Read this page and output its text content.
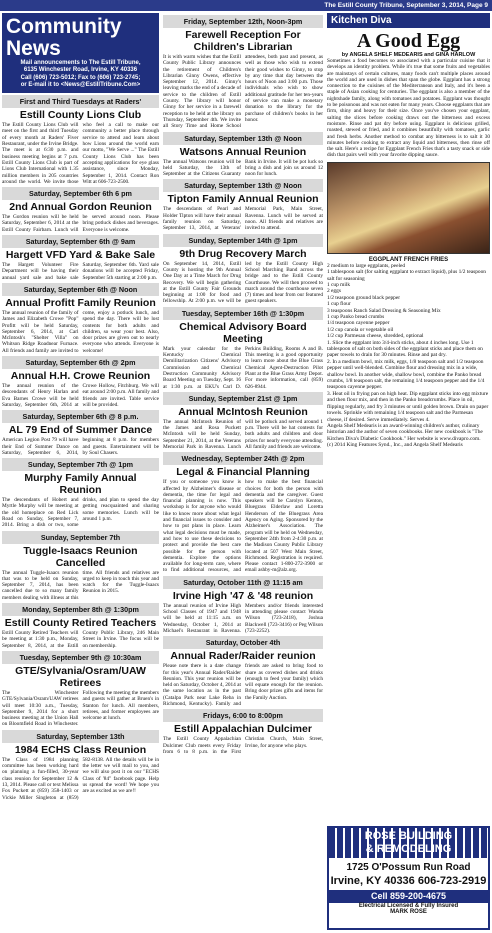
The Estill County Tribune, September 3, 2014, Page 9
Community News
Mail announcements to The Estill Tribune,
6135 Winchester Road, Irvine, KY 40336
Call (606) 723-5012; Fax to (606) 723-2745;
or E-mail it to <News@EstillTribune.Com>
First and Third Tuesdays at Raders'
Estill County Lions Club
The Estill County Lions Club will meet on the first and third Tuesday of every month at Raders' Fiver Restaurant, under the Irvine Bridge. The meet is at 6:30 p.m. and business meeting begins at 7 p.m. Estill County Lions Club is part of Lions Club International with 1.35 million members in 205 countries around the world. We invite those who feel a call to make our community a better place through service to attend and learn about how Lions around the world earn our motto, "We Serve ..." The Estill County Lions Club has been accepting applications for eye glass assistance, since Monday, September 1, 2014. Contact Ron Witt at 606-723-2500.
Saturday, September 6th 6 pm
2nd Annual Gordon Reunion
The Gordon reunion will be held Saturday, September 6, 2014 at the Estill County Fairbarn. Lunch will be served around noon. Please bring potluck dishes and beverages. Everyone is welcome.
Saturday, September 6th @ 9am
Hargett VFD Yard & Bake Sale
The Hargett Volunteer Fire Department will be having their annual yard sale and bake sale Saturday, September 6th. Yard sale donations will be accepted Friday, September 5th starting at 2:00 p.m.
Saturday, September 6th @ Noon
Annual Profitt Family Reunion
The annual reunion of the family of James and Elizabeth Crowe "Pop" Profitt will be held Saturday, September 6, 2014, at Carl McIntosh's "Shelter Villa" on Whitson Ridge Roadnear Furnace. All friends and family are invited to come, enjoy a potluck lunch, and spend the day. There will be lost contents for both adults and children, so wear your best. Also, door prizes are given out to nearly everyone who attends. Everyone is welcome!
Saturday, September 6th @ 2pm
Annual H.H. Crowe Reunion
The annual reunion of the descendants of Henry Harlan and Eva Barnes Crowe will be held Saturday, September 6th, 2014 at Crowe Hollow, Fitchburg. We will eat around 2:00 p.m. All family and friends are invited. Table service will be provided.
Saturday, September 6th @ 8 p.m.
AL 79 End of Summer Dance
American Legion Post 79 will have their End of Summer Dance on Saturday, September 6, 2014, beginning at 8 p.m. for members and guests. Entertainment will be by Soul Chasers.
Sunday, September 7th @ 1pm
Murphy Family Annual Reunion
The descendants of Hobert and Myrtle Murphy will be meeting at the old homeplace on Red Lick Road on Sunday, September 7, 2014. Bring a dish or two, some drinks, and plan to spend the day getting reacquainted and sharing some memories. Lunch will be around 1 p.m.
Sunday, September 7th
Tuggle-Isaacs Reunion Cancelled
The annual Tuggle-Isaacs reunion that was to be held on Sunday, September 7, 2014, has been cancelled due to so many family members dealing with illness at this time. All friends and relatives are urged to keep in touch this year and watch for the Tuggle-Isaacs Reunion in 2015.
Monday, September 8th @ 1:30pm
Estill County Retired Teachers
Estill County Retired Teachers will be meeting at 1:30 p.m., Monday, September 8, 2014, at the Estill County Public Library, 246 Main Street in Irvine. The focus will be on membership.
Tuesday, September 9th @ 10:30am
GTE/Sylvania/Osram/UAW Retirees
The Winchester GTE/Sylvania/Osram/UAW retirees will meet 10:30 a.m., Tuesday, September 9, 2014 for a short business meeting at the Union Hall on Bloomfield Road in Winchester. Following the meeting the members and guests will gather at Bruen's in Stanton for lunch. All members, retirees, and former employees are welcome at lunch.
Saturday, September 13th
1984 ECHS Class Reunion
The Class of 1984 planning committee has been working hard on planning a fun-filled, 30-year class reunion for September 12 & 13, 2014. Please call or text Melissa Fox Puckett at (859) 358-1403 or Vickie Miller Singleton at (859) 582-8138. All the details will be in the letter we will mail to you, and we will also post it on our "ECHS Class of '84" facebook page. Help us spread the word! We hope you are as excited as we are!!
Friday, September 12th, Noon-3pm
Farewell Reception For Children's Librarian
It is with warm wishes that the Estill County Public Library announces the retirement of Children's Librarian Ginny Owens, effective September 12, 2014. Ginny's leaving marks the end of a decade of service to the children of Estill County. The library will honor Ginny for her service in a farewell reception to be held at the library on Thursday, September 4th. We invite all Story Time and Home School attendees, both past and present, as well as those who wish to extend their good wishes to Ginny, to stop by any time that day between the hours of Noon and 3:00 p.m. Those individuals who wish to show additional gratitude for her ten-years of service can make a monetary donation to the library for the purchase of children's books in her honor.
Saturday, September 13th @ Noon
Watsons Annual Reunion
The annual Watsons reunion will be held Saturday, the 13th of September at the Citizens Guaranty Bank in Irvine. It will be pot luck so bring a dish and join us around 12 noon for lunch.
Saturday, September 13th @ Noon
Tipton Family Annual Reunion
The descendants of Pearl and Holder Tipton will have their annual family reunion on Saturday, September 13, 2014, at Veterans' Memorial Park, Main Street, Ravenna. Lunch will be served at noon. All friends and relatives are invited to attend.
Sunday, September 14th @ 1pm
9th Drug Recovery March
On September 14, 2014, Estill County is hosting the 9th Annual One Day at a Time March for Drug Recovery. We will begin gathering at the Estill County Fair Grounds beginning at 1:00 for food and fellowship. At 2:00 p.m. we will be led by the Estill County High School Marching Band across the bridge and to the Estill County Courthouse. We will then proceed to march around the courthouse seven (7) times and hear from our featured guest speakers.
Tuesday, September 16th @ 1:30pm
Chemical Advisory Board Meeting
Mark your calendar for the Kentucky Chemical Demilitarization Citizens' Advisory Commission and Chemical Destruction Community Advisory Board Meeting on Tuesday, Sept. 16 at 1:30 p.m. at EKU's Carl D. Perkins Building, Rooms A and B. This meeting is a good opportunity to learn more about the Blue Grass Chemical Agent-Destruction Pilot Plant at the Blue Grass Army Depot. For more information, call (859) 626-8944.
Sunday, September 21st @ 1pm
Annual McIntosh Reunion
The annual McIntosh Reunion of the James and Rosa Puckett McIntosh will be held Sunday, September 21, 2014, at the Veterans Memorial Park in Ravenna. Lunch will be potluck and served around 1 p.m. There will be hat contests for both adults and children and door prizes for nearly everyone attending. All family and friends are welcome.
Wednesday, September 24th @ 2pm
Legal & Financial Planning
If you or someone you know is affected by Alzheimer's disease or dementia, the time for legal and financial planning is now. This workshop is for anyone who would like to know more about what legal and financial issues to consider and how to put plans in place. Learn what legal decisions must be made, and how to use these decisions to protect and provide the best care possible for the person with dementia. Explore the options available for long-term care, where to find additional resources, and how to make the best financial choices for both the person with dementia and the caregiver. Guest speakers will be Carolyn Kenton, Bluegrass Elderlaw and Loretta Henderson of the Bluegrass Area Agency on Aging. Sponsored by the Alzheimer's Association. The program will be held on Wednesday, September 24th from 2-4:30 p.m. at the Madison County Public Library located at 507 West Main Street, Richmond. Registration is required. Please contact 1-800-272-3900 or email ashby-m@alz.org.
Saturday, October 11th @ 11:15 am
Irvine High '47 & '48 reunion
The annual reunion of Irvine High School Classes of 1947 and 1948 will be held at 11:15 a.m. on Wednesday, October 1, 2014 at Michael's Restaurant in Ravenna. Members and/or friends interested in attending please contact Wanda Wilson (723-2418), Joshua Blackwell (723-3416) or Peg Wilson (723-2252).
Saturday, October 4th
Annual Rader/Raider reunion
Please note there is a date change for this year's Annual Rader/Raider Reunion. This year reunion will be held on Saturday, October 4, 2014 at the same location as in the past (Catalpa Park near Lake Reba in Richmond, Kentucky). Family and friends are asked to bring food to share as covered dishes and drinks (enough to feed your family) which will equate enough for the reunion. Bring door prizes gifts and items for the Family Auction.
Fridays, 6:00 to 8:00pm
Estill Appalachian Dulcimer
The Estill County Appalachian Dulcimer Club meets every Friday from 6 to 8 p.m. in the First Christian Church, Main Street, Irvine, for anyone who plays.
Kitchen Diva
A Good Egg
by ANGELA SHELF MEDEARIS and GINA HARLOW
Sometimes a food becomes so associated with a particular cuisine that it develops an identity problem. While it's true that some fruits and vegetables are mainstays of certain cultures, many foods can't multiple places around the world and are used in dishes that span the globe. Eggplant has a strong connection to the cuisines of the Mediterranean and Italy, and it's been a staple of Asian cooking for centuries. The eggplant is also a member of the nightshade family, along with tomatoes and potatoes. Eggplant was thought to be poisonous and was not eaten for many years. Choose eggplants that are firm, shiny and heavy for their size. Once you've chosen your eggplant, salting the slices before cooking draws out the bitterness and excess moisture. Rinse and pat dry before using. Eggplant is delicious grilled, roasted, stewed or fried, and it combines beautifully with tomatoes, garlic and fresh herbs. Another method to combat any bitterness is to salt it 30 minutes before cooking to extract any liquid and bitterness, then rinse off the salt. Here's a recipe for Eggplant French Fries that's a tasty snack or side dish that pairs well with your favorite dipping sauce.
EGGPLANT FRENCH FRIES
2 medium to large eggplants, peeled
1 tablespoon salt (for salting eggplant to extract liquid), plus 1/2 teaspoon salt for seasoning
1 cup milk
2 eggs
1/2 teaspoon ground black pepper
1 cup flour
3 teaspoons Ranch Salad Dressing & Seasoning Mix
1 cup Panko bread crumbs
1/4 teaspoon cayenne pepper
1/2 cup canola or vegetable oil
1/2 cup Parmesan cheese, shredded, optional
1. Slice the eggplant into 3/4-inch sticks, about 4 inches long. Use 1 tablespoon of salt on both sides of the eggplant sticks and place them on paper towels to drain for 30 minutes. Rinse and pat dry.
2. In a medium bowl, mix milk, eggs, 1/8 teaspoon salt and 1/2 teaspoon pepper until well-blended. Combine flour and dressing mix in a wide, shallow bowl. In another wide, shallow bowl, combine the Panko bread crumbs, 1/8 teaspoon salt, the remaining 1/4 teaspoon pepper and the 1/4 teaspoon cayenne pepper.
3. Heat oil in frying pan on high heat. Dip eggplant sticks into egg mixture and then flour mix, and then in the Panko breadcrumbs. Place in oil, flipping regularly, and fry 3 minutes or until golden brown. Drain on paper towels. Sprinkle with remaining 1/4 teaspoon salt and the Parmesan cheese, if desired. Serve immediately. Serves 4.
Angela Shelf Medearis is an award-winning children's author, culinary historian and the author of seven cookbooks. Her new cookbook is "The Kitchen Diva's Diabetic Cookbook." Her website is www.divapro.com.
(c) 2014 King Features Synd., Inc., and Angela Shelf Medearis
ROSE BUILDING
& REMODELING
1725 O'Possum Run Road
Irvine, KY 40336 606-723-2919
Cell 859-200-4675
Electrical Licensed & Fully Insured
MARK ROSE
